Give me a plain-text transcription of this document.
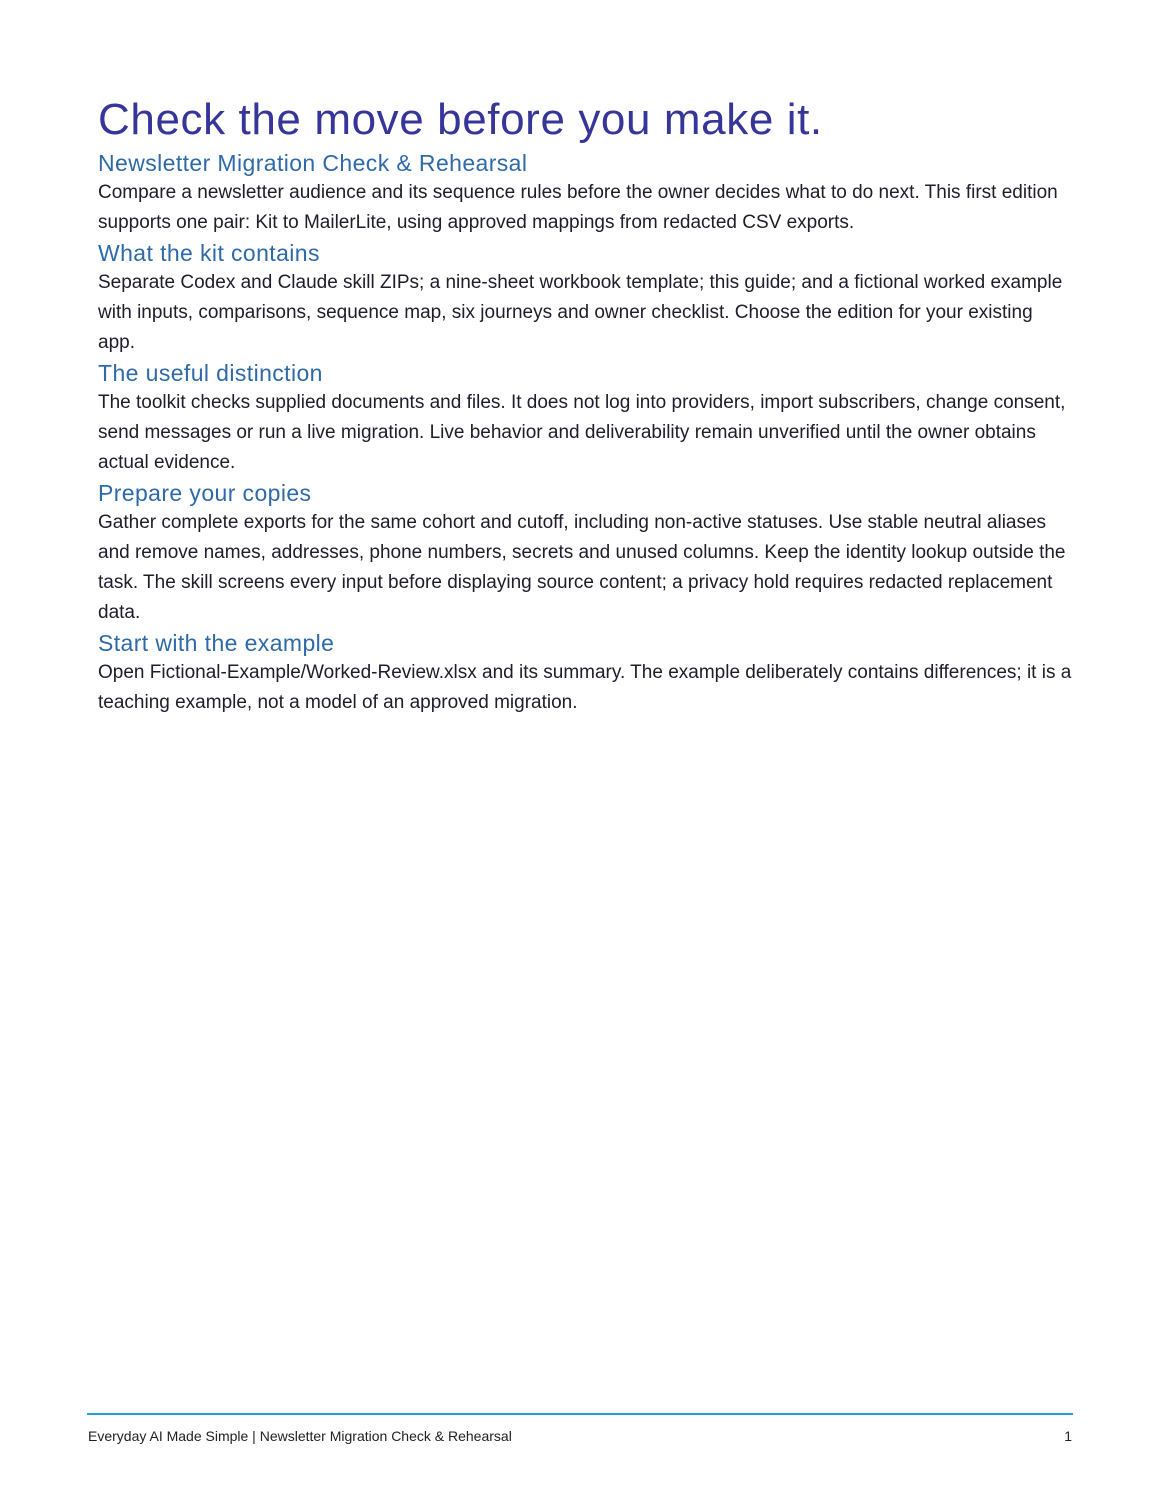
Check the move before you make it.
Newsletter Migration Check & Rehearsal

Compare a newsletter audience and its sequence rules before the owner decides what to do next. This first edition supports one pair: Kit to MailerLite, using approved mappings from redacted CSV exports.

What the kit contains

Separate Codex and Claude skill ZIPs; a nine-sheet workbook template; this guide; and a fictional worked example with inputs, comparisons, sequence map, six journeys and owner checklist. Choose the edition for your existing app.

The useful distinction

The toolkit checks supplied documents and files. It does not log into providers, import subscribers, change consent, send messages or run a live migration. Live behavior and deliverability remain unverified until the owner obtains actual evidence.

Prepare your copies

Gather complete exports for the same cohort and cutoff, including non-active statuses. Use stable neutral aliases and remove names, addresses, phone numbers, secrets and unused columns. Keep the identity lookup outside the task. The skill screens every input before displaying source content; a privacy hold requires redacted replacement data.

Start with the example

Open Fictional-Example/Worked-Review.xlsx and its summary. The example deliberately contains differences; it is a teaching example, not a model of an approved migration.

Everyday AI Made Simple | Newsletter Migration Check & Rehearsal	1
